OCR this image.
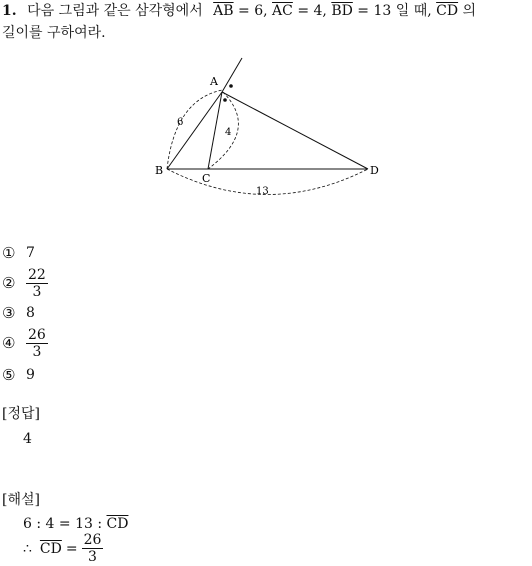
1. 다음 그림과 같은 삼각형에서 $\overline{AB} = 6$, $\overline{AC} = 4$, $\overline{BD} = 13$ 일 때, $\overline{CD}$ 의
길이를 구하여라.
A
B
C
D
6
4
13
① 7
② $\frac{22}{3}$
③ 8
④ $\frac{26}{3}$
⑤ 9
[정답]
4
[해설]
6 : 4 = 13 : $\overline{CD}$
∴ $\overline{CD} = \frac{26}{3}$
